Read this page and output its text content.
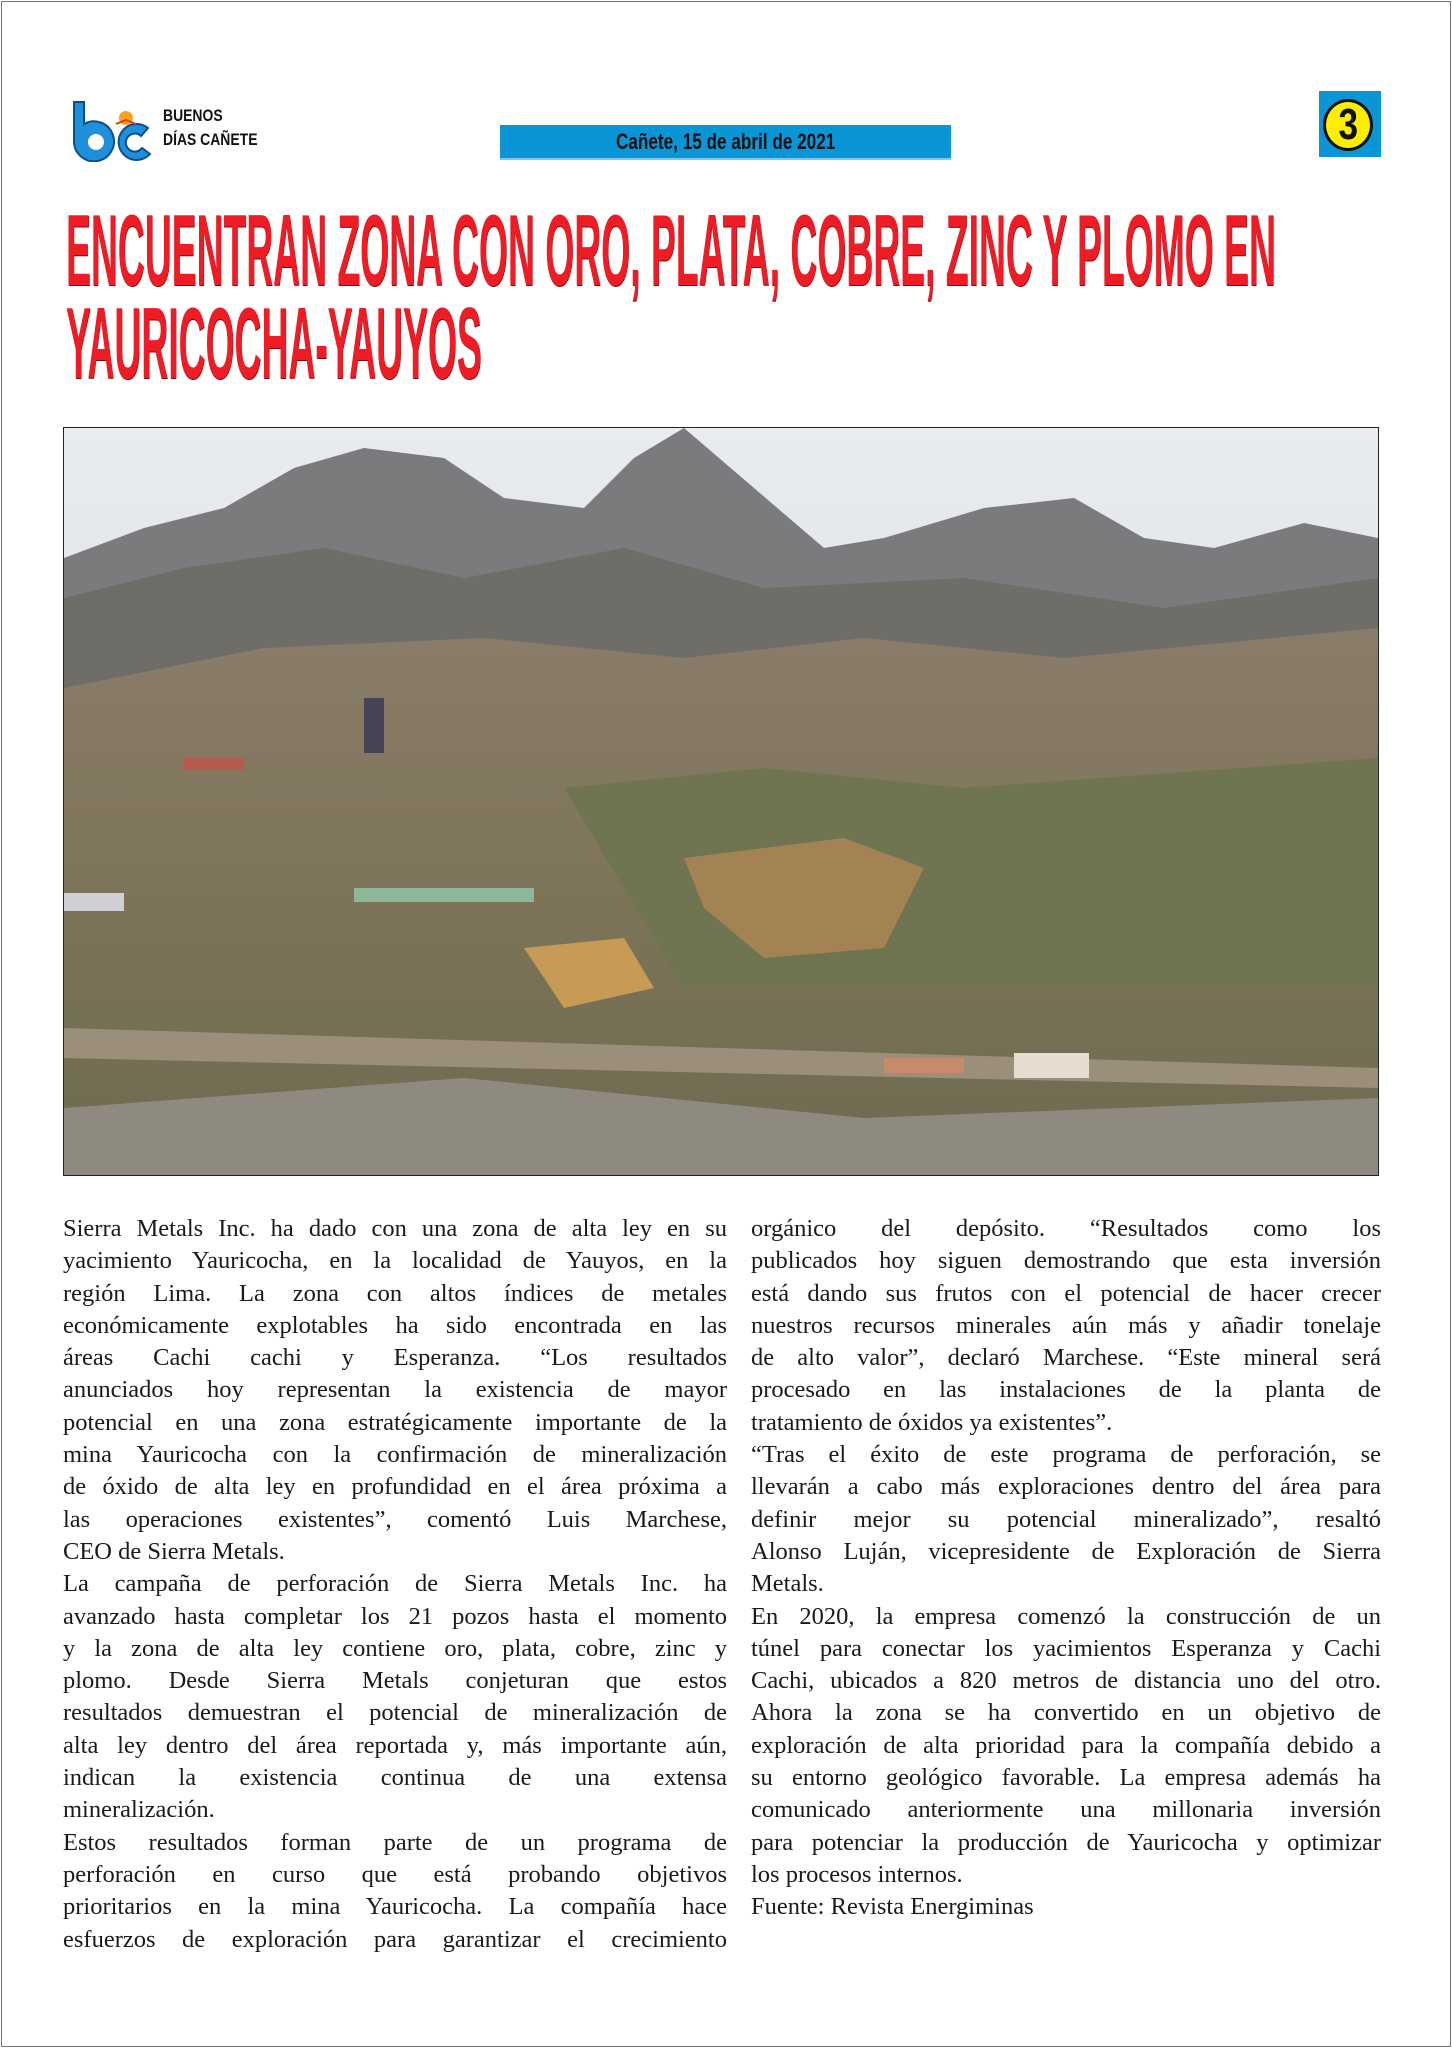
BUENOS
DÍAS CAÑETE	Cañete, 15 de abril de 2021	3
ENCUENTRAN ZONA CON ORO, PLATA, COBRE, ZINC Y PLOMO EN
YAURICOCHA-YAUYOS
Sierra Metals Inc. ha dado con una zona de alta ley en su
yacimiento Yauricocha, en la localidad de Yauyos, en la
región Lima. La zona con altos índices de metales
económicamente explotables ha sido encontrada en las
áreas Cachi cachi y Esperanza. “Los resultados
anunciados hoy representan la existencia de mayor
potencial en una zona estratégicamente importante de la
mina Yauricocha con la confirmación de mineralización
de óxido de alta ley en profundidad en el área próxima a
las operaciones existentes”, comentó Luis Marchese,
CEO de Sierra Metals.
La campaña de perforación de Sierra Metals Inc. ha
avanzado hasta completar los 21 pozos hasta el momento
y la zona de alta ley contiene oro, plata, cobre, zinc y
plomo. Desde Sierra Metals conjeturan que estos
resultados demuestran el potencial de mineralización de
alta ley dentro del área reportada y, más importante aún,
indican la existencia continua de una extensa
mineralización.
Estos resultados forman parte de un programa de
perforación en curso que está probando objetivos
prioritarios en la mina Yauricocha. La compañía hace
esfuerzos de exploración para garantizar el crecimiento
orgánico del depósito. “Resultados como los
publicados hoy siguen demostrando que esta inversión
está dando sus frutos con el potencial de hacer crecer
nuestros recursos minerales aún más y añadir tonelaje
de alto valor”, declaró Marchese. “Este mineral será
procesado en las instalaciones de la planta de
tratamiento de óxidos ya existentes”.
“Tras el éxito de este programa de perforación, se
llevarán a cabo más exploraciones dentro del área para
definir mejor su potencial mineralizado”, resaltó
Alonso Luján, vicepresidente de Exploración de Sierra
Metals.
En 2020, la empresa comenzó la construcción de un
túnel para conectar los yacimientos Esperanza y Cachi
Cachi, ubicados a 820 metros de distancia uno del otro.
Ahora la zona se ha convertido en un objetivo de
exploración de alta prioridad para la compañía debido a
su entorno geológico favorable. La empresa además ha
comunicado anteriormente una millonaria inversión
para potenciar la producción de Yauricocha y optimizar
los procesos internos.
Fuente: Revista Energiminas
